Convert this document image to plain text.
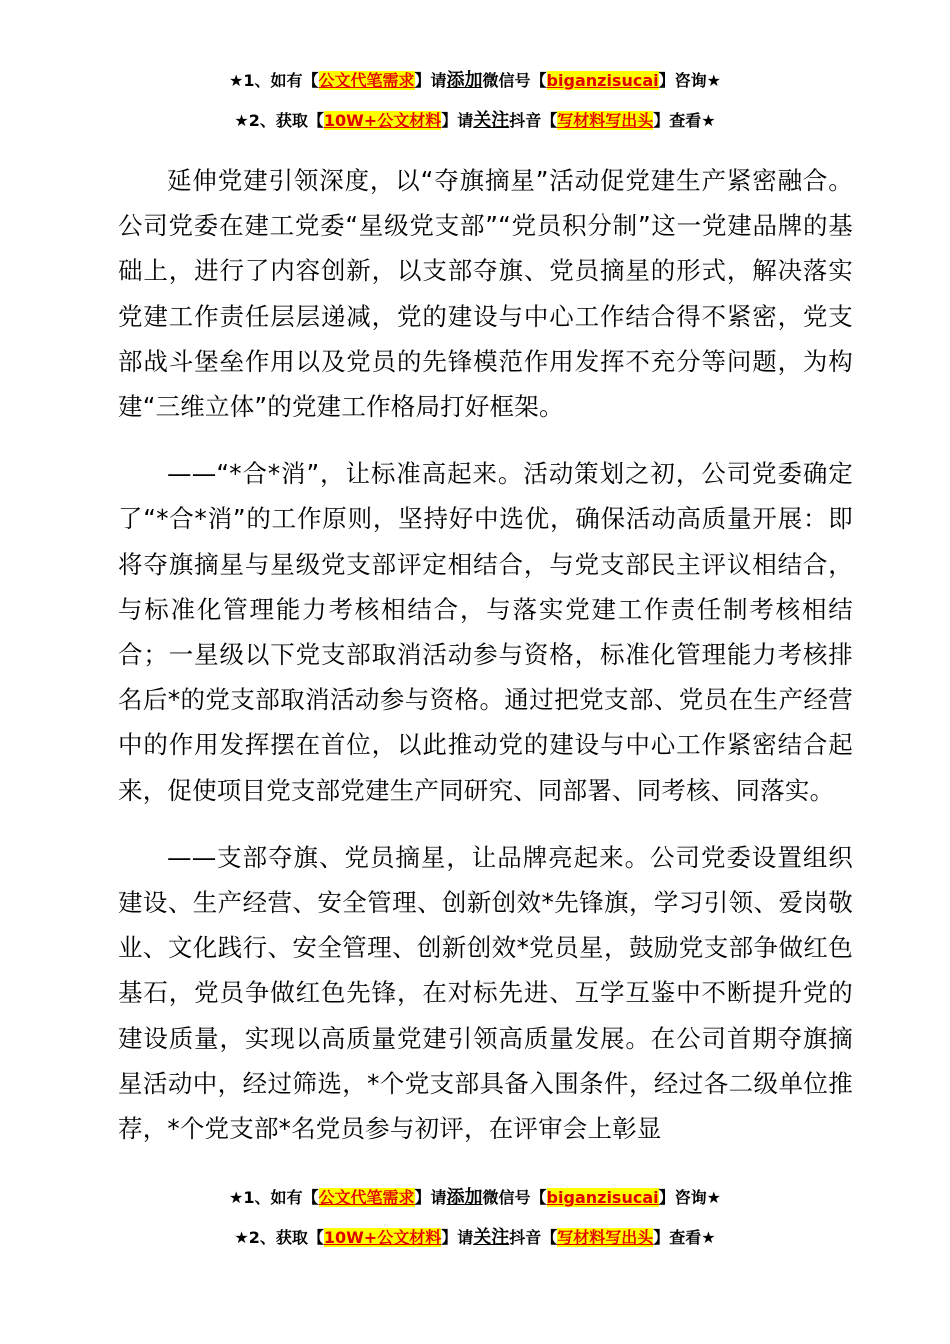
★1、如有【公文代笔需求】请添加微信号【biganzisucai】咨询★
★2、获取【10W+公文材料】请关注抖音【写材料写出头】查看★

延伸党建引领深度，以“夺旗摘星”活动促党建生产紧密融合。公司党委在建工党委“星级党支部”“党员积分制”这一党建品牌的基础上，进行了内容创新，以支部夺旗、党员摘星的形式，解决落实党建工作责任层层递减，党的建设与中心工作结合得不紧密，党支部战斗堡垒作用以及党员的先锋模范作用发挥不充分等问题，为构建“三维立体”的党建工作格局打好框架。

——“*合*消”，让标准高起来。活动策划之初，公司党委确定了“*合*消”的工作原则，坚持好中选优，确保活动高质量开展：即将夺旗摘星与星级党支部评定相结合，与党支部民主评议相结合，与标准化管理能力考核相结合，与落实党建工作责任制考核相结合；一星级以下党支部取消活动参与资格，标准化管理能力考核排名后*的党支部取消活动参与资格。通过把党支部、党员在生产经营中的作用发挥摆在首位，以此推动党的建设与中心工作紧密结合起来，促使项目党支部党建生产同研究、同部署、同考核、同落实。

——支部夺旗、党员摘星，让品牌亮起来。公司党委设置组织建设、生产经营、安全管理、创新创效*先锋旗，学习引领、爱岗敬业、文化践行、安全管理、创新创效*党员星，鼓励党支部争做红色基石，党员争做红色先锋，在对标先进、互学互鉴中不断提升党的建设质量，实现以高质量党建引领高质量发展。在公司首期夺旗摘星活动中，经过筛选，*个党支部具备入围条件，经过各二级单位推荐，*个党支部*名党员参与初评，在评审会上彰显

★1、如有【公文代笔需求】请添加微信号【biganzisucai】咨询★
★2、获取【10W+公文材料】请关注抖音【写材料写出头】查看★
